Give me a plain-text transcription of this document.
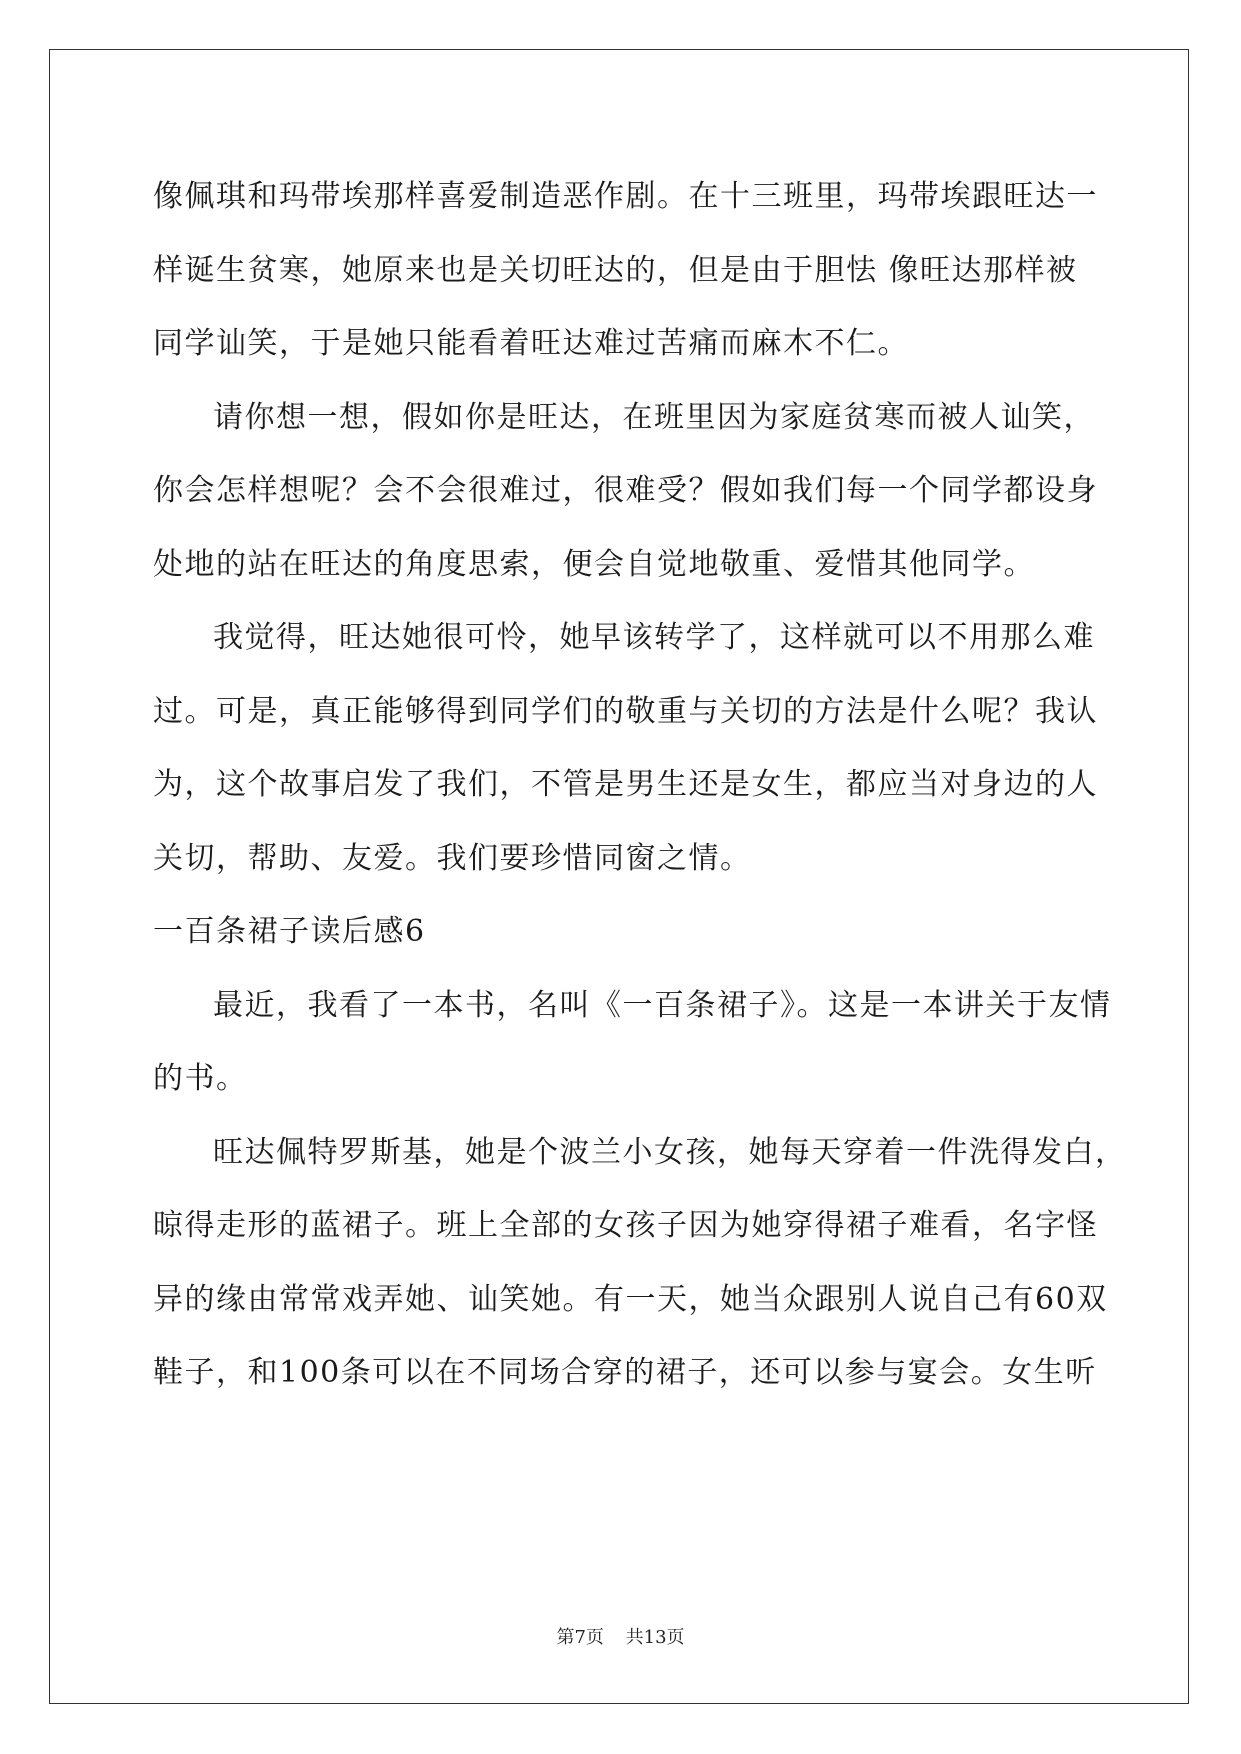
像佩琪和玛带埃那样喜爱制造恶作剧。在十三班里，玛带埃跟旺达一
样诞生贫寒，她原来也是关切旺达的，但是由于胆怯 像旺达那样被
同学讪笑，于是她只能看着旺达难过苦痛而麻木不仁。
请你想一想，假如你是旺达，在班里因为家庭贫寒而被人讪笑，
你会怎样想呢？会不会很难过，很难受？假如我们每一个同学都设身
处地的站在旺达的角度思索，便会自觉地敬重、爱惜其他同学。
我觉得，旺达她很可怜，她早该转学了，这样就可以不用那么难
过。可是，真正能够得到同学们的敬重与关切的方法是什么呢？我认
为，这个故事启发了我们，不管是男生还是女生，都应当对身边的人
关切，帮助、友爱。我们要珍惜同窗之情。
一百条裙子读后感6
最近，我看了一本书，名叫《一百条裙子》。这是一本讲关于友情
的书。
旺达佩特罗斯基，她是个波兰小女孩，她每天穿着一件洗得发白，
晾得走形的蓝裙子。班上全部的女孩子因为她穿得裙子难看，名字怪
异的缘由常常戏弄她、讪笑她。有一天，她当众跟别人说自己有60双
鞋子，和100条可以在不同场合穿的裙子，还可以参与宴会。女生听
第7页 共13页
